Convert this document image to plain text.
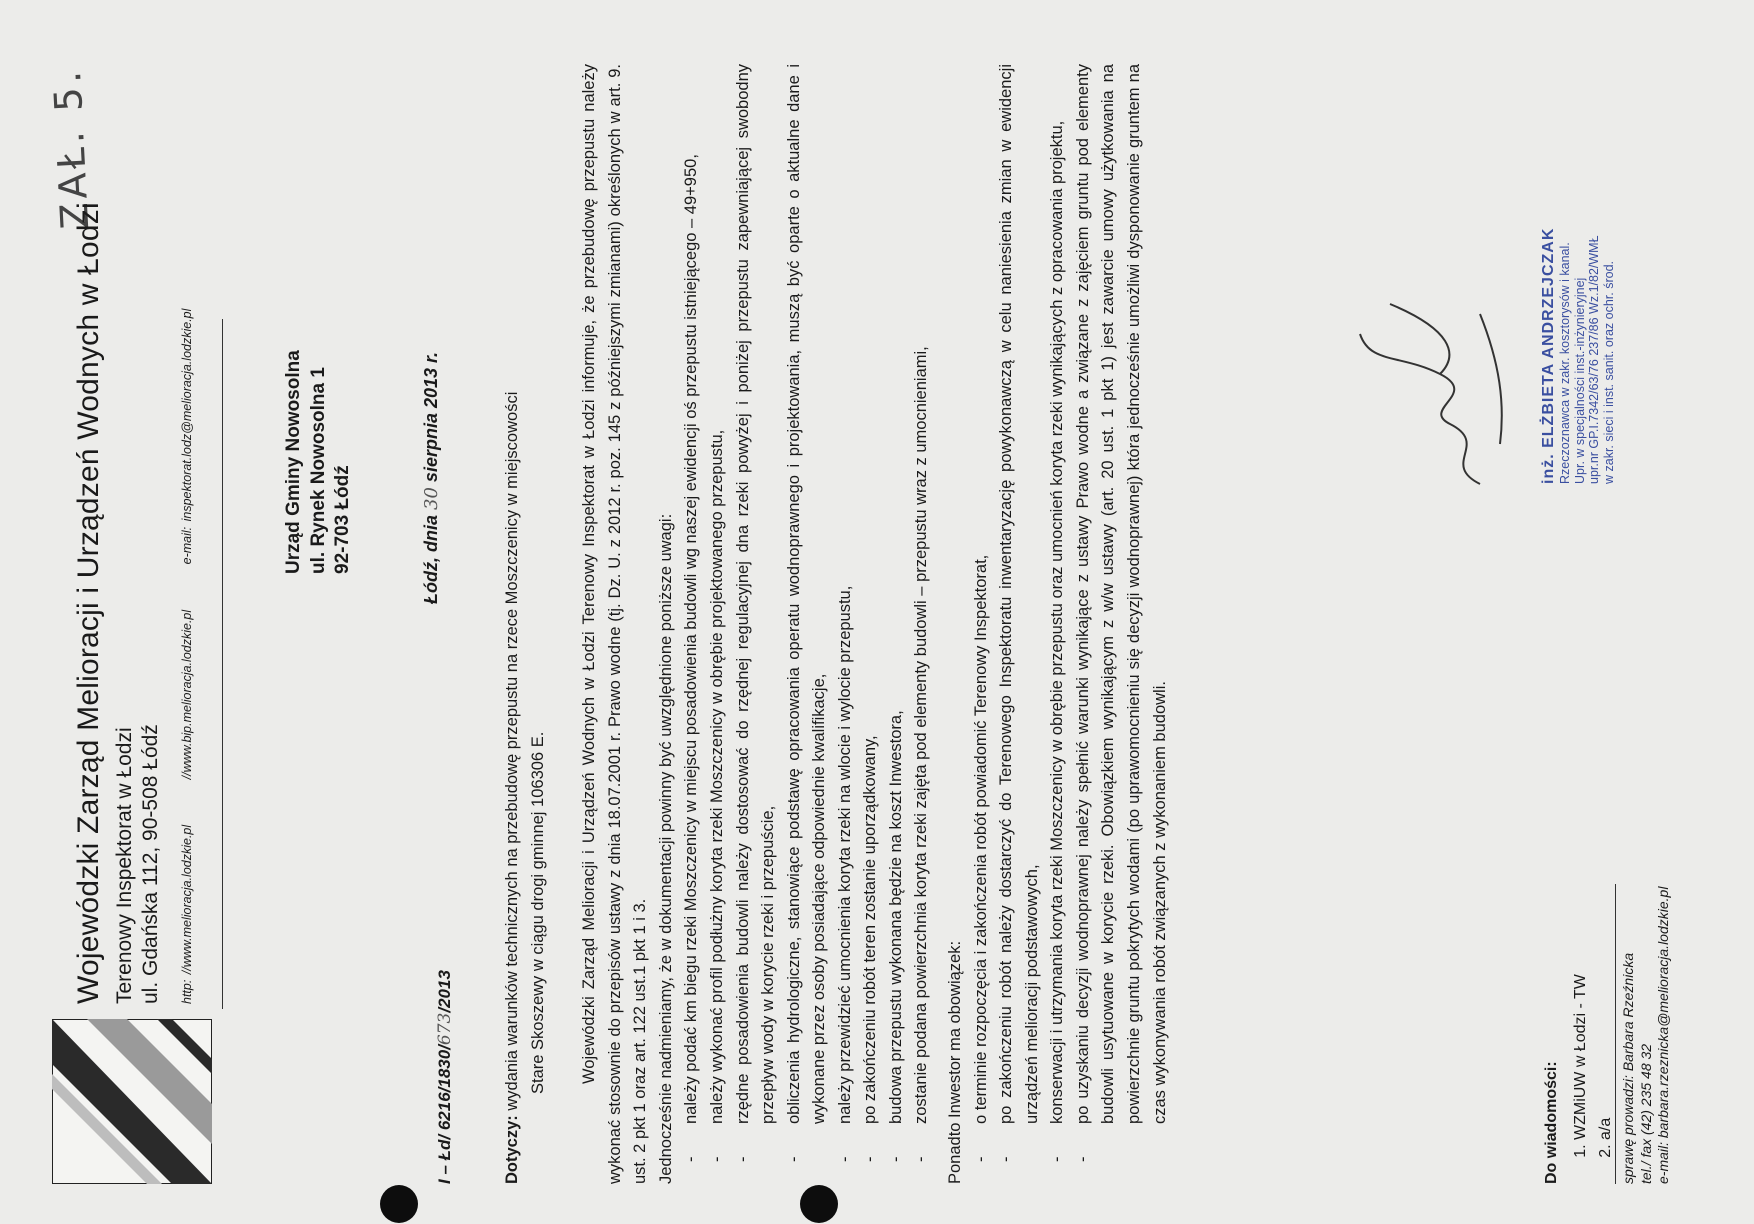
ZAŁ. 5.
Wojewódzki Zarząd Melioracji i Urządzeń Wodnych w Łodzi Terenowy Inspektorat w Łodzi ul. Gdańska 112, 90-508 Łódź http: //www.melioracja.lodzkie.pl //www.bip.melioracja.lodzkie.pl e-mail: inspektorat.lodz@melioracja.lodzkie.pl	Urząd Gminy Nowosolna ul. Rynek Nowosolna 1 92-703 Łódź	Łódź, dnia 30 sierpnia 2013 r.
I – Łd/ 6216/1830/673/2013

Dotyczy: wydania warunków technicznych na przebudowę przepustu na rzece Moszczenicy w miejscowości Stare Skoszewy w ciągu drogi gminnej 106306 E. Wojewódzki Zarząd Melioracji i Urządzeń Wodnych w Łodzi Terenowy Inspektorat w Łodzi informuje, że przebudowę przepustu należy wykonać stosownie do przepisów ustawy z dnia 18.07.2001 r. Prawo wodne (tj. Dz. U. z 2012 r. poz. 145 z późniejszymi zmianami) określonych w art. 9. ust. 2 pkt 1 oraz art. 122 ust.1 pkt 1 i 3. Jednocześnie nadmieniamy, że w dokumentacji powinny być uwzględnione poniższe uwagi: - należy podać km biegu rzeki Moszczenicy w miejscu posadowienia budowli wg naszej ewidencji oś przepustu istniejącego – 49+950, - należy wykonać profil podłużny koryta rzeki Moszczenicy w obrębie projektowanego przepustu, - rzędne posadowienia budowli należy dostosować do rzędnej regulacyjnej dna rzeki powyżej i poniżej przepustu zapewniającej swobodny przepływ wody w korycie rzeki i przepuście, - obliczenia hydrologiczne, stanowiące podstawę opracowania operatu wodnoprawnego i projektowania, muszą być oparte o aktualne dane i wykonane przez osoby posiadające odpowiednie kwalifikacje, - należy przewidzieć umocnienia koryta rzeki na wlocie i wylocie przepustu, - po zakończeniu robót teren zostanie uporządkowany, - budowa przepustu wykonana będzie na koszt Inwestora, - zostanie podana powierzchnia koryta rzeki zajęta pod elementy budowli – przepustu wraz z umocnieniami, Ponadto Inwestor ma obowiązek: - o terminie rozpoczęcia i zakończenia robót powiadomić Terenowy Inspektorat, - po zakończeniu robót należy dostarczyć do Terenowego Inspektoratu inwentaryzację powykonawczą w celu naniesienia zmian w ewidencji urządzeń melioracji podstawowych, - konserwacji i utrzymania koryta rzeki Moszczenicy w obrębie przepustu oraz umocnień koryta rzeki wynikających z opracowania projektu, - po uzyskaniu decyzji wodnoprawnej należy spełnić warunki wynikające z ustawy Prawo wodne a związane z zajęciem gruntu pod elementy budowli usytuowane w korycie rzeki. Obowiązkiem wynikającym z w/w ustawy (art. 20 ust. 1 pkt 1) jest zawarcie umowy użytkowania na powierzchnie gruntu pokrytych wodami (po uprawomocnieniu się decyzji wodnoprawnej) która jednocześnie umożliwi dysponowanie gruntem na czas wykonywania robót związanych z wykonaniem budowli.	Do wiadomości: 1. WZMiUW w Łodzi - TW 2. a/a
inż. ELŻBIETA ANDRZEJCZAK Rzeczoznawca w zakr. kosztorysów i kanal. Upr. w specjalności inst.-inżynieryjnej upr.nr GP.I.7342/63/76 237/86 Wz.1/82/WMŁ w zakr. sieci i inst. sanit. oraz ochr. środ.
sprawę prowadzi: Barbara Rzeźnicka tel./ fax (42) 235 48 32 e-mail: barbara.rzeznicka@melioracja.lodzkie.pl
